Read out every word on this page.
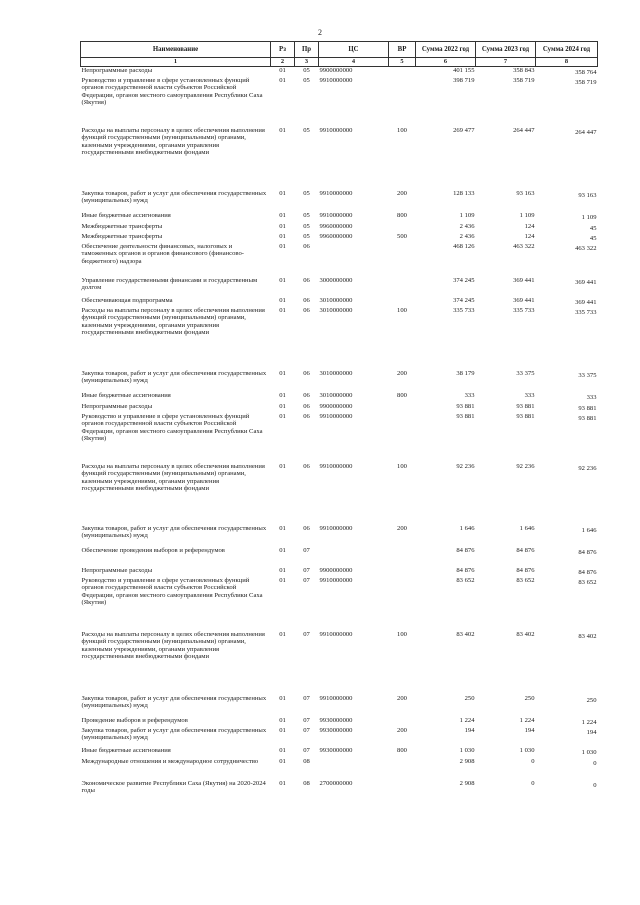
2
Наименование	Рз	Пр	ЦС	ВР	Сумма 2022 год	Сумма 2023 год	Сумма 2024 год
1	2	3	4	5	6	7	8
Непрограммные расходы	01	05	9900000000		401 155	358 843	358 764
Руководство и управление в сфере установленных функций органов государственной власти субъектов Российской Федерации, органов местного самоуправления Республики Саха (Якутия)	01	05	9910000000		398 719	358 719	358 719
Расходы на выплаты персоналу в целях обеспечения выполнения функций государственными (муниципальными) органами, казенными учреждениями, органами управления государственными внебюджетными фондами	01	05	9910000000	100	269 477	264 447	264 447
Закупка товаров, работ и услуг для обеспечения государственных (муниципальных) нужд	01	05	9910000000	200	128 133	93 163	93 163
Иные бюджетные ассигнования	01	05	9910000000	800	1 109	1 109	1 109
Межбюджетные трансферты	01	05	9960000000		2 436	124	45
Межбюджетные трансферты	01	05	9960000000	500	2 436	124	45
Обеспечение деятельности финансовых, налоговых и таможенных органов и органов финансового (финансово-бюджетного) надзора	01	06			468 126	463 322	463 322
Управление государственными финансами и государственным долгом	01	06	3000000000		374 245	369 441	369 441
Обеспечивающая подпрограмма	01	06	3010000000		374 245	369 441	369 441
Расходы на выплаты персоналу в целях обеспечения выполнения функций государственными (муниципальными) органами, казенными учреждениями, органами управления государственными внебюджетными фондами	01	06	3010000000	100	335 733	335 733	335 733
Закупка товаров, работ и услуг для обеспечения государственных (муниципальных) нужд	01	06	3010000000	200	38 179	33 375	33 375
Иные бюджетные ассигнования	01	06	3010000000	800	333	333	333
Непрограммные расходы	01	06	9900000000		93 881	93 881	93 881
Руководство и управление в сфере установленных функций органов государственной власти субъектов Российской Федерации, органов местного самоуправления Республики Саха (Якутия)	01	06	9910000000		93 881	93 881	93 881
Расходы на выплаты персоналу в целях обеспечения выполнения функций государственными (муниципальными) органами, казенными учреждениями, органами управления государственными внебюджетными фондами	01	06	9910000000	100	92 236	92 236	92 236
Закупка товаров, работ и услуг для обеспечения государственных (муниципальных) нужд	01	06	9910000000	200	1 646	1 646	1 646
Обеспечение проведения выборов и референдумов	01	07			84 876	84 876	84 876
Непрограммные расходы	01	07	9900000000		84 876	84 876	84 876
Руководство и управление в сфере установленных функций органов государственной власти субъектов Российской Федерации, органов местного самоуправления Республики Саха (Якутия)	01	07	9910000000		83 652	83 652	83 652
Расходы на выплаты персоналу в целях обеспечения выполнения функций государственными (муниципальными) органами, казенными учреждениями, органами управления государственными внебюджетными фондами	01	07	9910000000	100	83 402	83 402	83 402
Закупка товаров, работ и услуг для обеспечения государственных (муниципальных) нужд	01	07	9910000000	200	250	250	250
Проведение выборов и референдумов	01	07	9930000000		1 224	1 224	1 224
Закупка товаров, работ и услуг для обеспечения государственных (муниципальных) нужд	01	07	9930000000	200	194	194	194
Иные бюджетные ассигнования	01	07	9930000000	800	1 030	1 030	1 030
Международные отношения и международное сотрудничество	01	08			2 908	0	0
Экономическое развитие Республики Саха (Якутия) на 2020-2024 годы	01	08	2700000000		2 908	0	0
